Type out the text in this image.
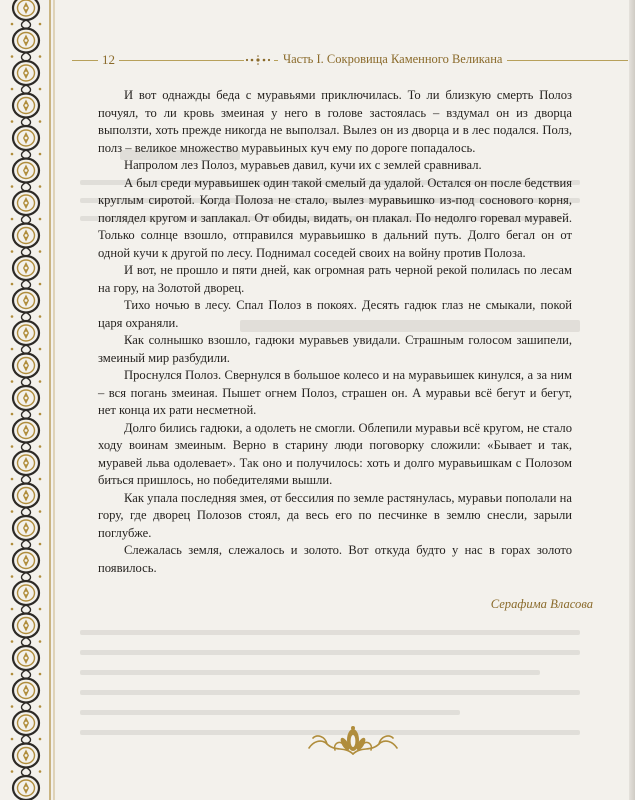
12	Часть I. Сокровища Каменного Великана

И вот однажды беда с муравьями приключилась. То ли близкую смерть Полоз почуял, то ли кровь змеиная у него в голове застоялась – вздумал он из дворца выползти, хоть прежде никогда не выползал. Вылез он из дворца и в лес подался. Полз, полз – великое множество муравьиных куч ему по дороге попадалось.

Напролом лез Полоз, муравьев давил, кучи их с землей сравнивал.

А был среди муравьишек один такой смелый да удалой. Остался он после бедствия круглым сиротой. Когда Полоза не стало, вылез муравьишко из-под соснового корня, поглядел кругом и заплакал. От обиды, видать, он плакал. По недолго горевал муравей. Только солнце взошло, отправился муравьишко в дальний путь. Долго бегал он от одной кучи к другой по лесу. Поднимал соседей своих на войну против Полоза.

И вот, не прошло и пяти дней, как огромная рать черной рекой полилась по лесам на гору, на Золотой дворец.

Тихо ночью в лесу. Спал Полоз в покоях. Десять гадюк глаз не смыкали, покой царя охраняли.

Как солнышко взошло, гадюки муравьев увидали. Страшным голосом зашипели, змеиный мир разбудили.

Проснулся Полоз. Свернулся в большое колесо и на муравьишек кинулся, а за ним – вся погань змеиная. Пышет огнем Полоз, страшен он. А муравьи всё бегут и бегут, нет конца их рати несметной.

Долго бились гадюки, а одолеть не смогли. Облепили муравьи всё кругом, не стало ходу воинам змеиным. Верно в старину люди поговорку сложили: «Бывает и так, муравей льва одолевает». Так оно и получилось: хоть и долго муравьишкам с Полозом биться пришлось, но победителями вышли.

Как упала последняя змея, от бессилия по земле растянулась, муравьи пополали на гору, где дворец Полозов стоял, да весь его по песчинке в землю снесли, зарыли поглубже.

Слежалась земля, слежалось и золото. Вот откуда будто у нас в горах золото появилось.

Серафима Власова
